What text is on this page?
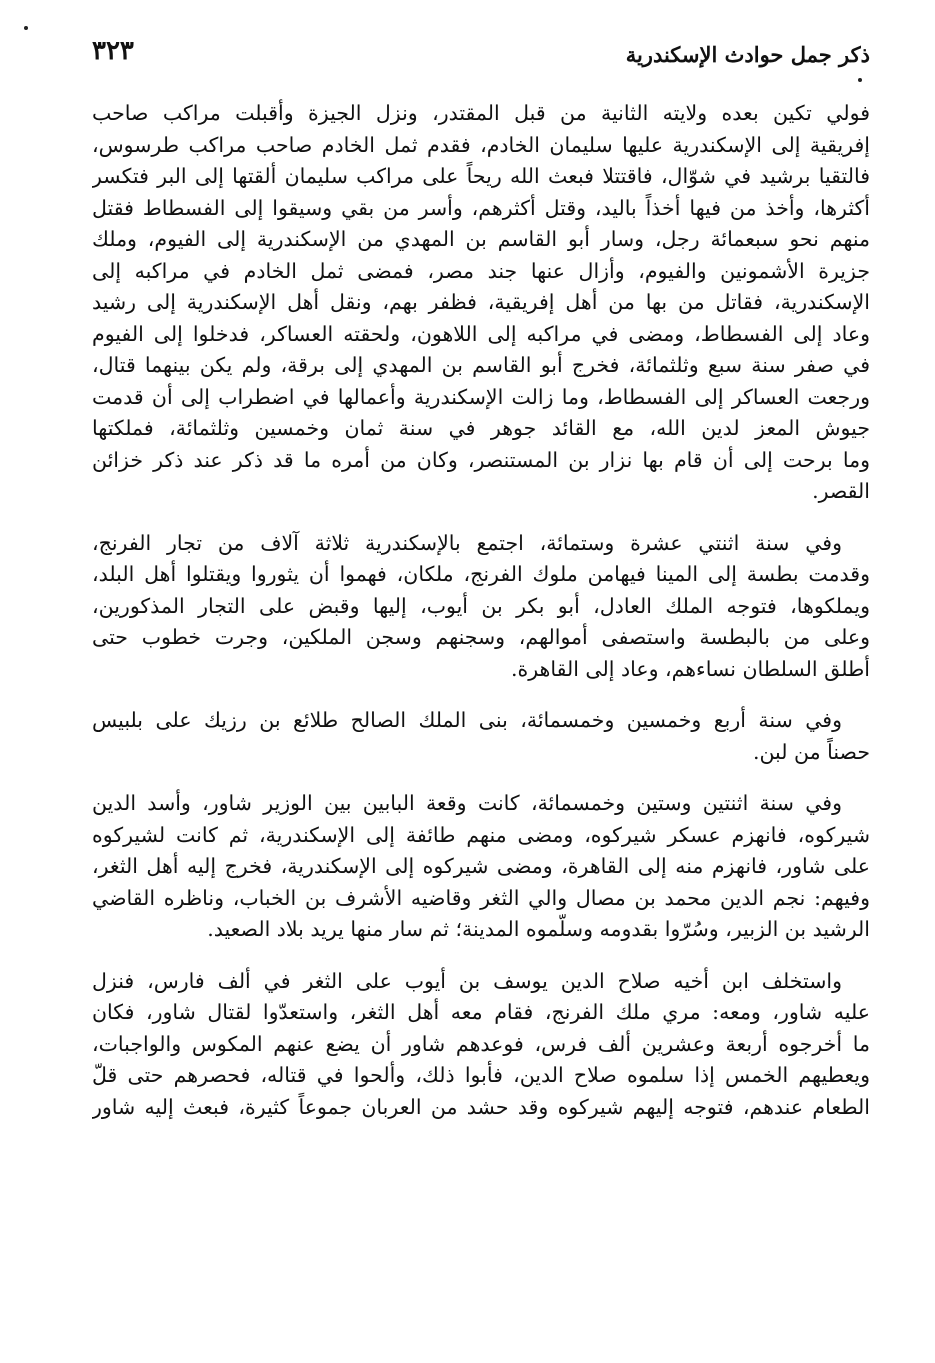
ذكر جمل حوادث الإسكندرية
٣٢٣
فولي تكين بعده ولايته الثانية من قبل المقتدر، ونزل الجيزة وأقبلت مراكب صاحب
إفريقية إلى الإسكندرية عليها سليمان الخادم، فقدم ثمل الخادم صاحب مراكب طرسوس،
فالتقيا برشيد في شوّال، فاقتتلا فبعث الله ريحاً على مراكب سليمان ألقتها إلى البر فتكسر
أكثرها، وأخذ من فيها أخذاً باليد، وقتل أكثرهم، وأسر من بقي وسيقوا إلى الفسطاط فقتل
منهم نحو سبعمائة رجل، وسار أبو القاسم بن المهدي من الإسكندرية إلى الفيوم، وملك
جزيرة الأشمونين والفيوم، وأزال عنها جند مصر، فمضى ثمل الخادم في مراكبه إلى
الإسكندرية، فقاتل من بها من أهل إفريقية، فظفر بهم، ونقل أهل الإسكندرية إلى رشيد
وعاد إلى الفسطاط، ومضى في مراكبه إلى اللاهون، ولحقته العساكر، فدخلوا إلى الفيوم
في صفر سنة سبع وثلثمائة، فخرج أبو القاسم بن المهدي إلى برقة، ولم يكن بينهما قتال،
ورجعت العساكر إلى الفسطاط، وما زالت الإسكندرية وأعمالها في اضطراب إلى أن قدمت
جيوش المعز لدين الله، مع القائد جوهر في سنة ثمان وخمسين وثلثمائة، فملكتها
وما برحت إلى أن قام بها نزار بن المستنصر، وكان من أمره ما قد ذكر عند ذكر خزائن
القصر.
وفي سنة اثنتي عشرة وستمائة، اجتمع بالإسكندرية ثلاثة آلاف من تجار الفرنج،
وقدمت بطسة إلى المينا فيهامن ملوك الفرنج، ملكان، فهموا أن يثوروا ويقتلوا أهل البلد،
ويملكوها، فتوجه الملك العادل، أبو بكر بن أيوب، إليها وقبض على التجار المذكورين،
وعلى من بالبطسة واستصفى أموالهم، وسجنهم وسجن الملكين، وجرت خطوب حتى
أطلق السلطان نساءهم، وعاد إلى القاهرة.
وفي سنة أربع وخمسين وخمسمائة، بنى الملك الصالح طلائع بن رزيك على بلبيس
حصناً من لبن.
وفي سنة اثنتين وستين وخمسمائة، كانت وقعة البابين بين الوزير شاور، وأسد الدين
شيركوه، فانهزم عسكر شيركوه، ومضى منهم طائفة إلى الإسكندرية، ثم كانت لشيركوه
على شاور، فانهزم منه إلى القاهرة، ومضى شيركوه إلى الإسكندرية، فخرج إليه أهل الثغر،
وفيهم: نجم الدين محمد بن مصال والي الثغر وقاضيه الأشرف بن الخباب، وناظره القاضي
الرشيد بن الزبير، وسُرّوا بقدومه وسلّموه المدينة؛ ثم سار منها يريد بلاد الصعيد.
واستخلف ابن أخيه صلاح الدين يوسف بن أيوب على الثغر في ألف فارس، فنزل
عليه شاور، ومعه: مري ملك الفرنج، فقام معه أهل الثغر، واستعدّوا لقتال شاور، فكان
ما أخرجوه أربعة وعشرين ألف فرس، فوعدهم شاور أن يضع عنهم المكوس والواجبات،
ويعطيهم الخمس إذا سلموه صلاح الدين، فأبوا ذلك، وألحوا في قتاله، فحصرهم حتى قلّ
الطعام عندهم، فتوجه إليهم شيركوه وقد حشد من العربان جموعاً كثيرة، فبعث إليه شاور
